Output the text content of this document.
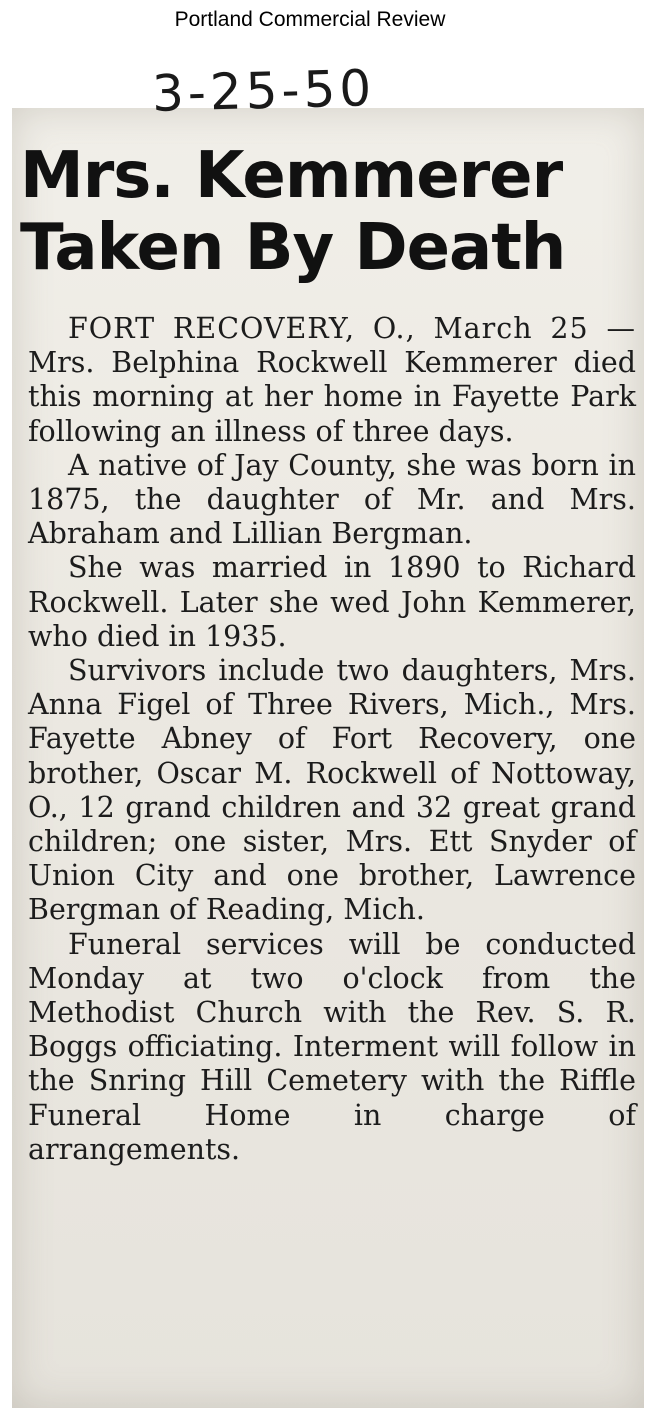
Portland Commercial Review
3-25-50
Mrs. Kemmerer
Taken By Death

FORT RECOVERY, O., March 25 — Mrs. Belphina Rockwell Kemmerer died this morning at her home in Fayette Park following an illness of three days.

A native of Jay County, she was born in 1875, the daughter of Mr. and Mrs. Abraham and Lillian Bergman.

She was married in 1890 to Richard Rockwell. Later she wed John Kemmerer, who died in 1935.

Survivors include two daughters, Mrs. Anna Figel of Three Rivers, Mich., Mrs. Fayette Abney of Fort Recovery, one brother, Oscar M. Rockwell of Nottoway, O., 12 grand children and 32 great grand children; one sister, Mrs. Ett Snyder of Union City and one brother, Lawrence Bergman of Reading, Mich.

Funeral services will be conducted Monday at two o'clock from the Methodist Church with the Rev. S. R. Boggs officiating. Interment will follow in the Snring Hill Cemetery with the Riffle Funeral Home in charge of arrangements.
